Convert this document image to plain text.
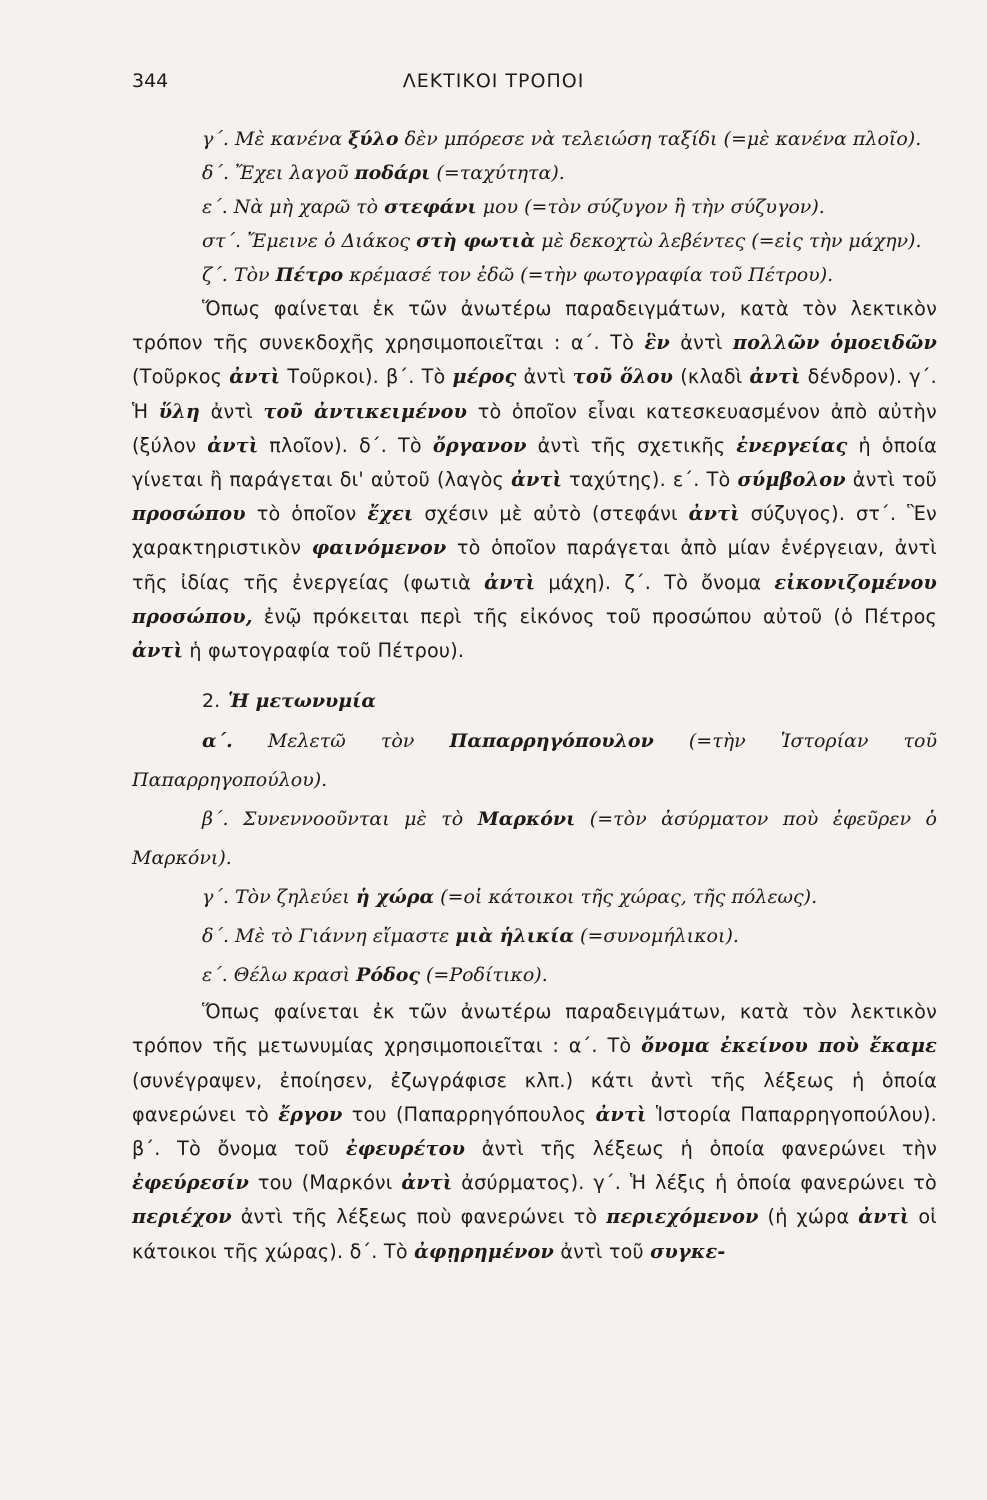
344	ΛΕΚΤΙΚΟΙ ΤΡΟΠΟΙ

γ΄. Μὲ κανένα ξύλο δὲν μπόρεσε νὰ τελειώση ταξίδι (=μὲ κανένα πλοῖο).

δ΄. Ἔχει λαγοῦ ποδάρι (=ταχύτητα).

ε΄. Νὰ μὴ χαρῶ τὸ στεφάνι μου (=τὸν σύζυγον ἢ τὴν σύζυγον).

στ΄. Ἔμεινε ὁ Διάκος στὴ φωτιὰ μὲ δεκοχτὼ λεβέντες (=εἰς τὴν μάχην).

ζ΄. Τὸν Πέτρο κρέμασέ τον ἐδῶ (=τὴν φωτογραφία τοῦ Πέτρου).

Ὅπως φαίνεται ἐκ τῶν ἀνωτέρω παραδειγμάτων, κατὰ τὸν λεκτικὸν τρόπον τῆς συνεκδοχῆς χρησιμοποιεῖται : α΄. Τὸ ἓν ἀντὶ πολλῶν ὁμοειδῶν (Τοῦρκος ἀντὶ Τοῦρκοι). β΄. Τὸ μέρος ἀντὶ τοῦ ὅλου (κλαδὶ ἀντὶ δένδρον). γ΄. Ἡ ὕλη ἀντὶ τοῦ ἀντικειμένου τὸ ὁποῖον εἶναι κατεσκευασμένον ἀπὸ αὐτὴν (ξύλον ἀντὶ πλοῖον). δ΄. Τὸ ὄργανον ἀντὶ τῆς σχετικῆς ἐνεργείας ἡ ὁποία γίνεται ἢ παράγεται δι' αὐτοῦ (λαγὸς ἀντὶ ταχύτης). ε΄. Τὸ σύμβολον ἀντὶ τοῦ προσώπου τὸ ὁποῖον ἔχει σχέσιν μὲ αὐτὸ (στεφάνι ἀντὶ σύζυγος). στ΄. Ἓν χαρακτηριστικὸν φαινόμενον τὸ ὁποῖον παράγεται ἀπὸ μίαν ἐνέργειαν, ἀντὶ τῆς ἰδίας τῆς ἐνεργείας (φωτιὰ ἀντὶ μάχη). ζ΄. Τὸ ὄνομα εἰκονιζομένου προσώπου, ἐνῷ πρόκειται περὶ τῆς εἰκόνος τοῦ προσώπου αὐτοῦ (ὁ Πέτρος ἀντὶ ἡ φωτογραφία τοῦ Πέτρου).

2. Ἡ μετωνυμία

α΄. Μελετῶ τὸν Παπαρρηγόπουλον (=τὴν Ἱστορίαν τοῦ Παπαρρηγοπούλου).

β΄. Συνεννοοῦνται μὲ τὸ Μαρκόνι (=τὸν ἀσύρματον ποὺ ἐφεῦρεν ὁ Μαρκόνι).

γ΄. Τὸν ζηλεύει ἡ χώρα (=οἱ κάτοικοι τῆς χώρας, τῆς πόλεως).

δ΄. Μὲ τὸ Γιάννη εἴμαστε μιὰ ἡλικία (=συνομήλικοι).

ε΄. Θέλω κρασὶ Ρόδος (=Ροδίτικο).

Ὅπως φαίνεται ἐκ τῶν ἀνωτέρω παραδειγμάτων, κατὰ τὸν λεκτικὸν τρόπον τῆς μετωνυμίας χρησιμοποιεῖται : α΄. Τὸ ὄνομα ἐκείνου ποὺ ἔκαμε (συνέγραψεν, ἐποίησεν, ἐζωγράφισε κλπ.) κάτι ἀντὶ τῆς λέξεως ἡ ὁποία φανερώνει τὸ ἔργον του (Παπαρρηγόπουλος ἀντὶ Ἱστορία Παπαρρηγοπούλου). β΄. Τὸ ὄνομα τοῦ ἐφευρέτου ἀντὶ τῆς λέξεως ἡ ὁποία φανερώνει τὴν ἐφεύρεσίν του (Μαρκόνι ἀντὶ ἀσύρματος). γ΄. Ἡ λέξις ἡ ὁποία φανερώνει τὸ περιέχον ἀντὶ τῆς λέξεως ποὺ φανερώνει τὸ περιεχόμενον (ἡ χώρα ἀντὶ οἱ κάτοικοι τῆς χώρας). δ΄. Τὸ ἀφῃρημένον ἀντὶ τοῦ συγκε-
